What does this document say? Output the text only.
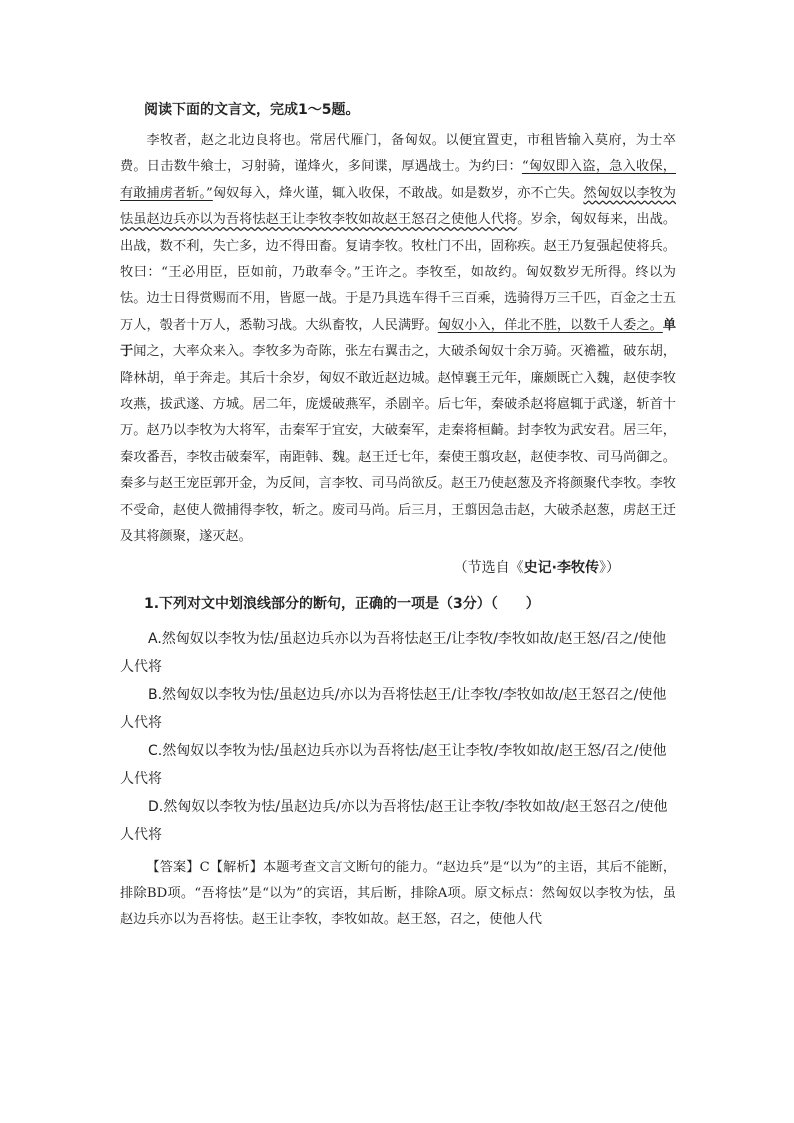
阅读下面的文言文，完成1～5题。

李牧者，赵之北边良将也。常居代雁门，备匈奴。以便宜置吏，市租皆输入莫府，为士卒费。日击数牛飨士，习射骑，谨烽火，多间谍，厚遇战士。为约曰：“匈奴即入盗，急入收保，有敢捕虏者斩。”匈奴每入，烽火谨，辄入收保，不敢战。如是数岁，亦不亡失。然匈奴以李牧为怯虽赵边兵亦以为吾将怯赵王让李牧李牧如故赵王怒召之使他人代将。岁余，匈奴每来，出战。出战，数不利，失亡多，边不得田畜。复请李牧。牧杜门不出，固称疾。赵王乃复强起使将兵。牧曰：“王必用臣，臣如前，乃敢奉令。”王许之。李牧至，如故约。匈奴数岁无所得。终以为怯。边士日得赏赐而不用，皆愿一战。于是乃具选车得千三百乘，选骑得万三千匹，百金之士五万人，彀者十万人，悉勒习战。大纵畜牧，人民满野。匈奴小入，佯北不胜，以数千人委之。单于闻之，大率众来入。李牧多为奇陈，张左右翼击之，大破杀匈奴十余万骑。灭襜褴，破东胡，降林胡，单于奔走。其后十余岁，匈奴不敢近赵边城。赵悼襄王元年，廉颇既亡入魏，赵使李牧攻燕，拔武遂、方城。居二年，庞煖破燕军，杀剧辛。后七年，秦破杀赵将扈辄于武遂，斩首十万。赵乃以李牧为大将军，击秦军于宜安，大破秦军，走秦将桓齮。封李牧为武安君。居三年，秦攻番吾，李牧击破秦军，南距韩、魏。赵王迁七年，秦使王翦攻赵，赵使李牧、司马尚御之。秦多与赵王宠臣郭开金，为反间，言李牧、司马尚欲反。赵王乃使赵葱及齐将颜聚代李牧。李牧不受命，赵使人微捕得李牧，斩之。废司马尚。后三月，王翦因急击赵，大破杀赵葱，虏赵王迁及其将颜聚，遂灭赵。

（节选自《史记·李牧传》）
1.下列对文中划浪线部分的断句，正确的一项是（3分）（　　）

A.然匈奴以李牧为怯/虽赵边兵亦以为吾将怯赵王/让李牧/李牧如故/赵王怒/召之/使他人代将

B.然匈奴以李牧为怯/虽赵边兵/亦以为吾将怯赵王/让李牧/李牧如故/赵王怒召之/使他人代将

C.然匈奴以李牧为怯/虽赵边兵亦以为吾将怯/赵王让李牧/李牧如故/赵王怒/召之/使他人代将

D.然匈奴以李牧为怯/虽赵边兵/亦以为吾将怯/赵王让李牧/李牧如故/赵王怒召之/使他人代将

【答案】C【解析】本题考查文言文断句的能力。“赵边兵”是“以为”的主语，其后不能断，排除BD项。“吾将怯”是“以为”的宾语，其后断，排除A项。原文标点：然匈奴以李牧为怯，虽赵边兵亦以为吾将怯。赵王让李牧，李牧如故。赵王怒，召之，使他人代
